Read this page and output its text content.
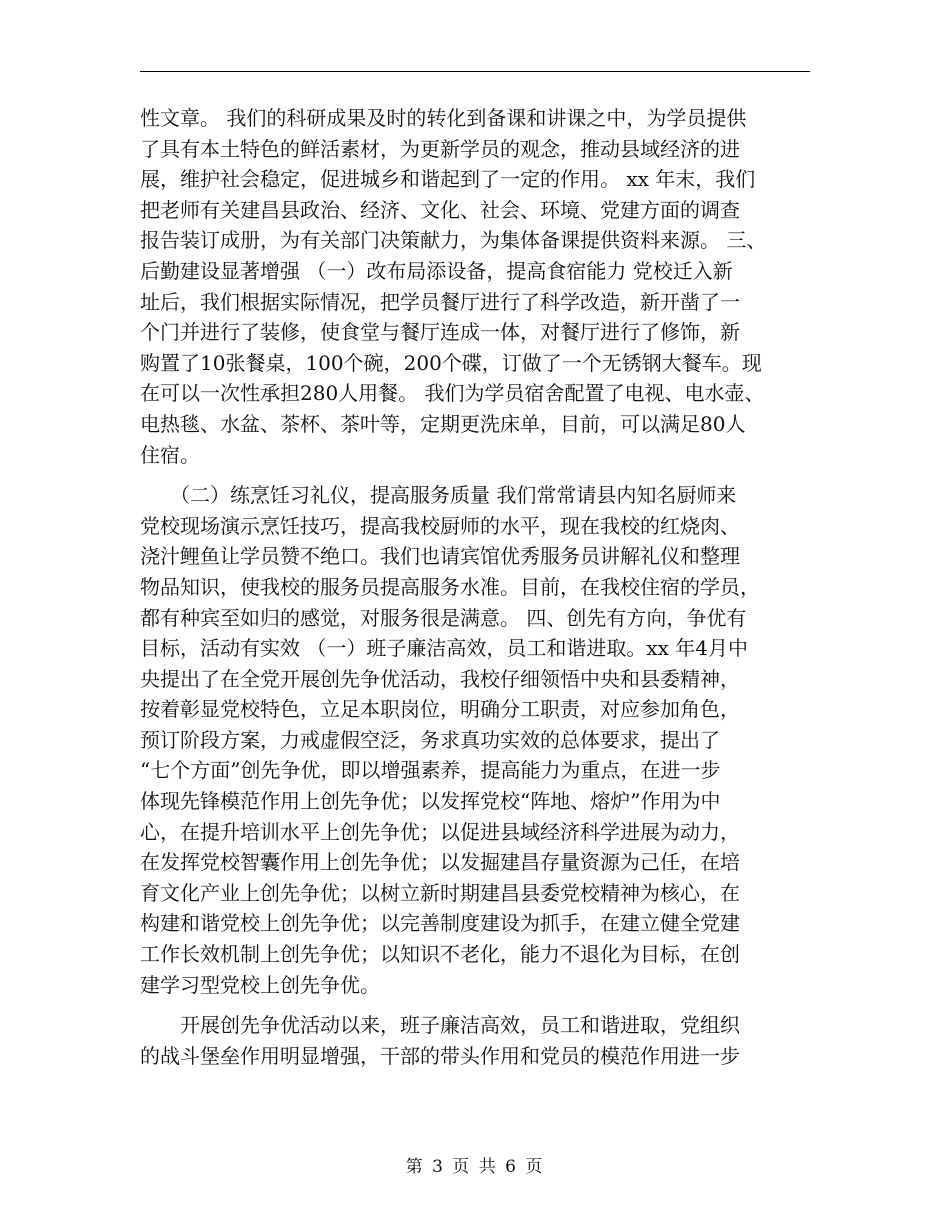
性文章。 我们的科研成果及时的转化到备课和讲课之中，为学员提供
了具有本土特色的鲜活素材，为更新学员的观念，推动县域经济的进
展，维护社会稳定，促进城乡和谐起到了一定的作用。 xx 年末，我们
把老师有关建昌县政治、经济、文化、社会、环境、党建方面的调查
报告装订成册，为有关部门决策献力，为集体备课提供资料来源。 三、
后勤建设显著增强 （一）改布局添设备，提高食宿能力 党校迁入新
址后，我们根据实际情况，把学员餐厅进行了科学改造，新开凿了一
个门并进行了装修，使食堂与餐厅连成一体，对餐厅进行了修饰，新
购置了10张餐桌，100个碗，200个碟，订做了一个无锈钢大餐车。现
在可以一次性承担280人用餐。 我们为学员宿舍配置了电视、电水壶、
电热毯、水盆、茶杯、茶叶等，定期更洗床单，目前，可以满足80人
住宿。
　　（二）练烹饪习礼仪，提高服务质量 我们常常请县内知名厨师来
党校现场演示烹饪技巧，提高我校厨师的水平，现在我校的红烧肉、
浇汁鲤鱼让学员赞不绝口。我们也请宾馆优秀服务员讲解礼仪和整理
物品知识，使我校的服务员提高服务水准。目前，在我校住宿的学员，
都有种宾至如归的感觉，对服务很是满意。 四、创先有方向，争优有
目标，活动有实效 （一）班子廉洁高效，员工和谐进取。xx 年4月中
央提出了在全党开展创先争优活动，我校仔细领悟中央和县委精神，
按着彰显党校特色，立足本职岗位，明确分工职责，对应参加角色，
预订阶段方案，力戒虚假空泛，务求真功实效的总体要求，提出了
“七个方面”创先争优，即以增强素养，提高能力为重点，在进一步
体现先锋模范作用上创先争优；以发挥党校“阵地、熔炉”作用为中
心，在提升培训水平上创先争优；以促进县域经济科学进展为动力，
在发挥党校智囊作用上创先争优；以发掘建昌存量资源为己任，在培
育文化产业上创先争优；以树立新时期建昌县委党校精神为核心，在
构建和谐党校上创先争优；以完善制度建设为抓手，在建立健全党建
工作长效机制上创先争优；以知识不老化，能力不退化为目标，在创
建学习型党校上创先争优。
　　开展创先争优活动以来，班子廉洁高效，员工和谐进取，党组织
的战斗堡垒作用明显增强，干部的带头作用和党员的模范作用进一步
第 3 页 共 6 页
